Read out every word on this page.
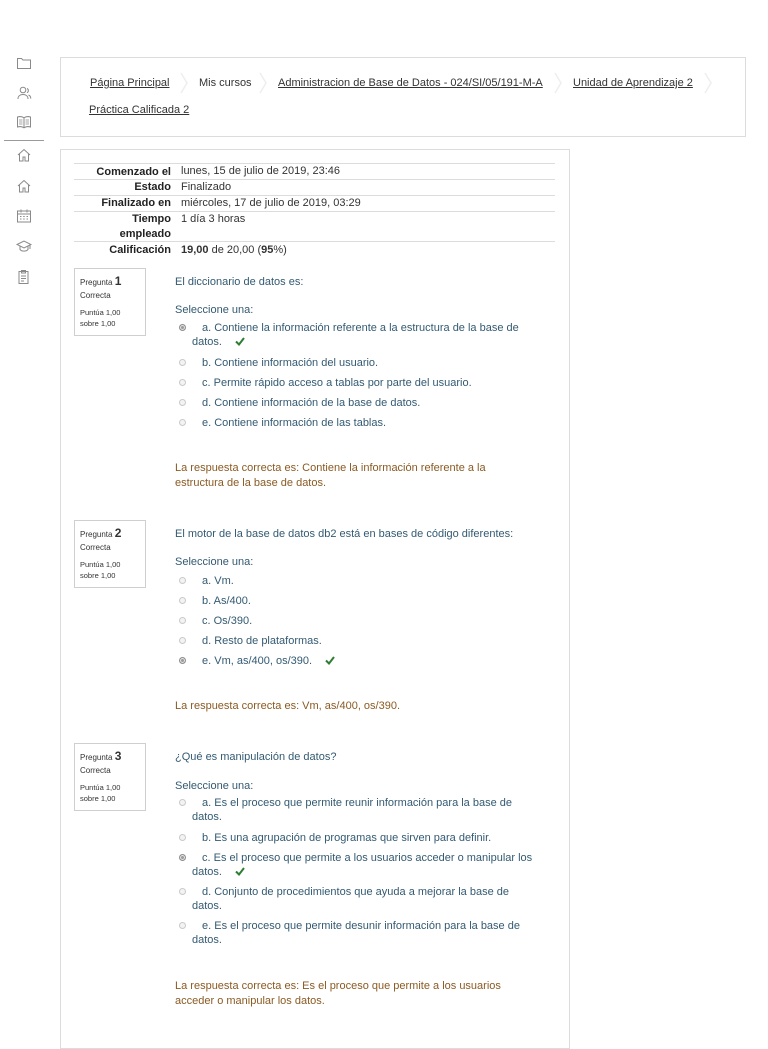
Página Principal	Mis cursos Administracion de Base de Datos - 024/SI/05/191-M-A	Unidad de Aprendizaje 2
Práctica Calificada 2
Comenzado el lunes, 15 de julio de 2019, 23:46
Estado Finalizado
Finalizado en miércoles, 17 de julio de 2019, 03:29
Tiempo
empleado
1 día 3 horas
Calificación 19,00 de 20,00 (95%)
Pregunta 1
Correcta
Puntúa 1,00 sobre 1,00
El diccionario de datos es:
Seleccione una:
a. Contiene la información referente a la estructura de la base de datos.
b. Contiene información del usuario.
c. Permite rápido acceso a tablas por parte del usuario.
d. Contiene información de la base de datos.
e. Contiene información de las tablas.
La respuesta correcta es: Contiene la información referente a la estructura de la base de datos.
Pregunta 2
Correcta
Puntúa 1,00 sobre 1,00
El motor de la base de datos db2 está en bases de código diferentes:
Seleccione una:
a. Vm.
b. As/400.
c. Os/390.
d. Resto de plataformas.
e. Vm, as/400, os/390.
La respuesta correcta es: Vm, as/400, os/390.
Pregunta 3
Correcta
Puntúa 1,00 sobre 1,00
¿Qué es manipulación de datos?
Seleccione una:
a. Es el proceso que permite reunir información para la base de datos.
b. Es una agrupación de programas que sirven para definir.
c. Es el proceso que permite a los usuarios acceder o manipular los datos.
d. Conjunto de procedimientos que ayuda a mejorar la base de datos.
e. Es el proceso que permite desunir información para la base de datos.
La respuesta correcta es: Es el proceso que permite a los usuarios acceder o manipular los datos.
